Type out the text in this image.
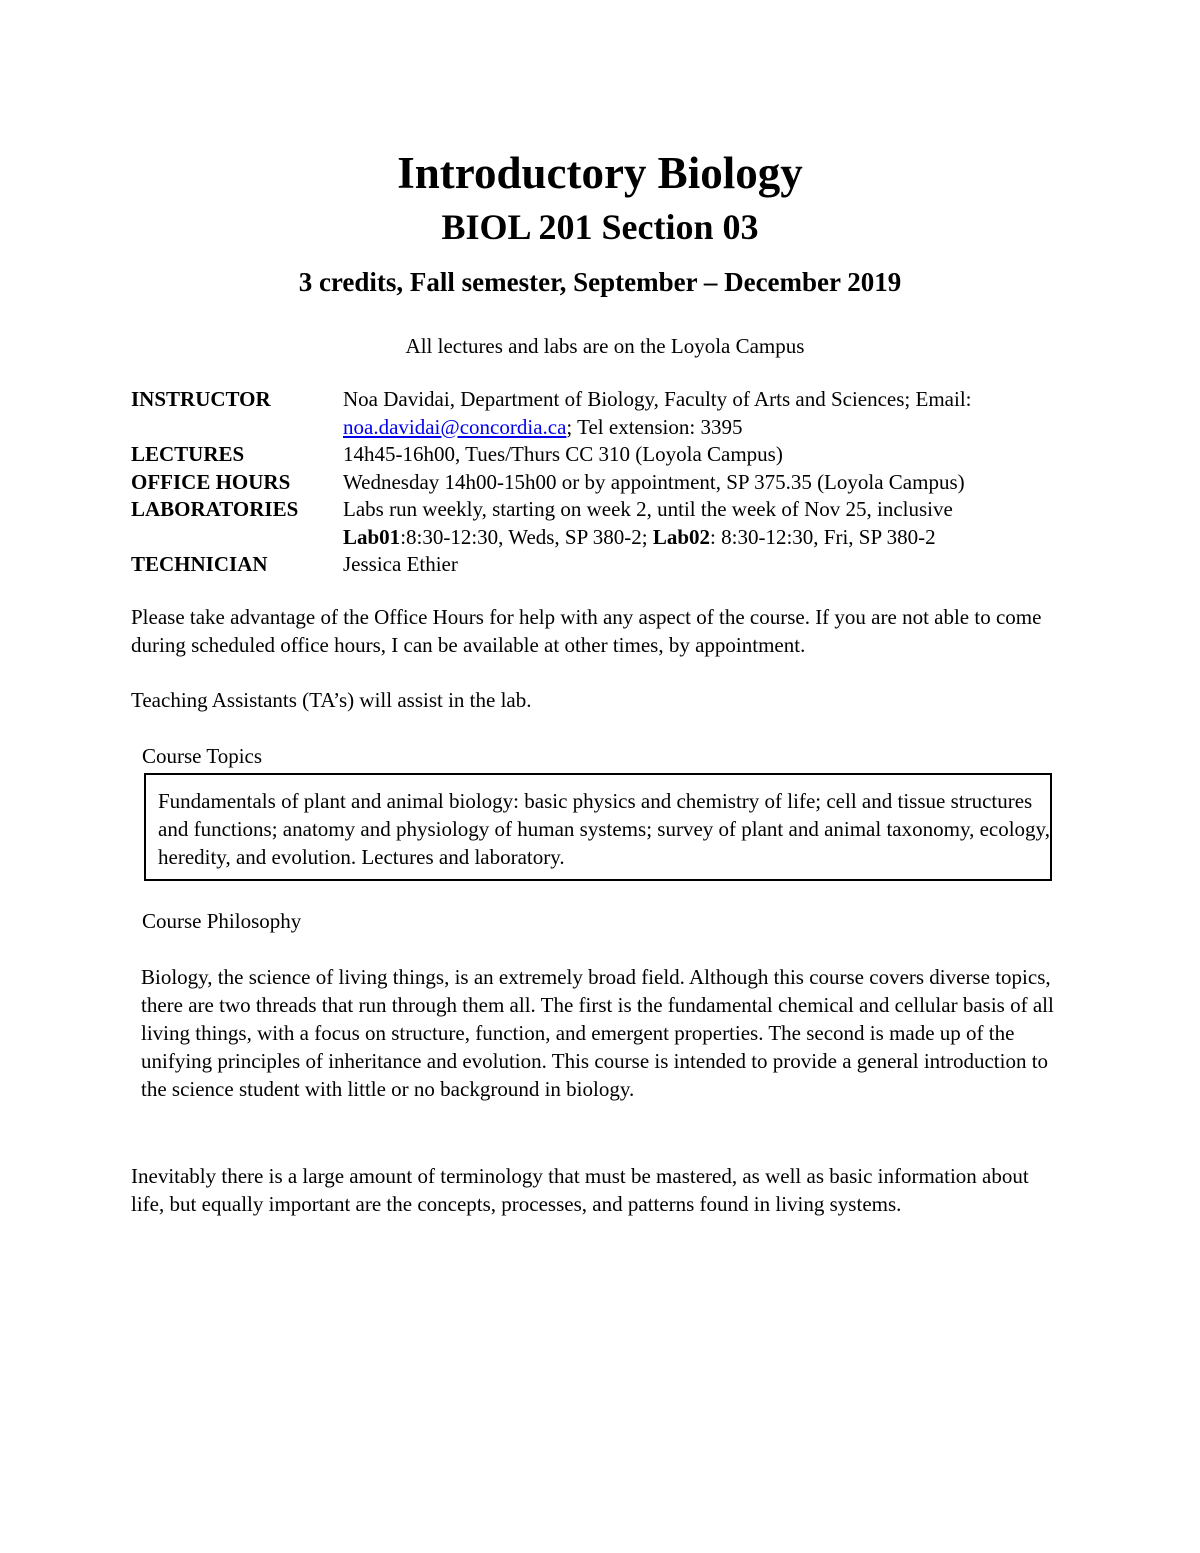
Introductory Biology
BIOL 201 Section 03
3 credits, Fall semester, September – December 2019
All lectures and labs are on the Loyola Campus
INSTRUCTOR	Noa Davidai, Department of Biology, Faculty of Arts and Sciences; Email:
noa.davidai@concordia.ca; Tel extension: 3395
LECTURES	14h45-16h00, Tues/Thurs CC 310 (Loyola Campus)
OFFICE HOURS	Wednesday 14h00-15h00 or by appointment, SP 375.35 (Loyola Campus)
LABORATORIES	Labs run weekly, starting on week 2, until the week of Nov 25, inclusive
Lab01:8:30-12:30, Weds, SP 380-2; Lab02: 8:30-12:30, Fri, SP 380-2
TECHNICIAN	Jessica Ethier

Please take advantage of the Office Hours for help with any aspect of the course. If you are not able to come during scheduled office hours, I can be available at other times, by appointment.

Teaching Assistants (TA’s) will assist in the lab.

Course Topics

Fundamentals of plant and animal biology: basic physics and chemistry of life; cell and tissue structures and functions; anatomy and physiology of human systems; survey of plant and animal taxonomy, ecology, heredity, and evolution. Lectures and laboratory.

Course Philosophy

Biology, the science of living things, is an extremely broad field. Although this course covers diverse topics, there are two threads that run through them all. The first is the fundamental chemical and cellular basis of all living things, with a focus on structure, function, and emergent properties. The second is made up of the unifying principles of inheritance and evolution. This course is intended to provide a general introduction to the science student with little or no background in biology.

Inevitably there is a large amount of terminology that must be mastered, as well as basic information about life, but equally important are the concepts, processes, and patterns found in living systems.
